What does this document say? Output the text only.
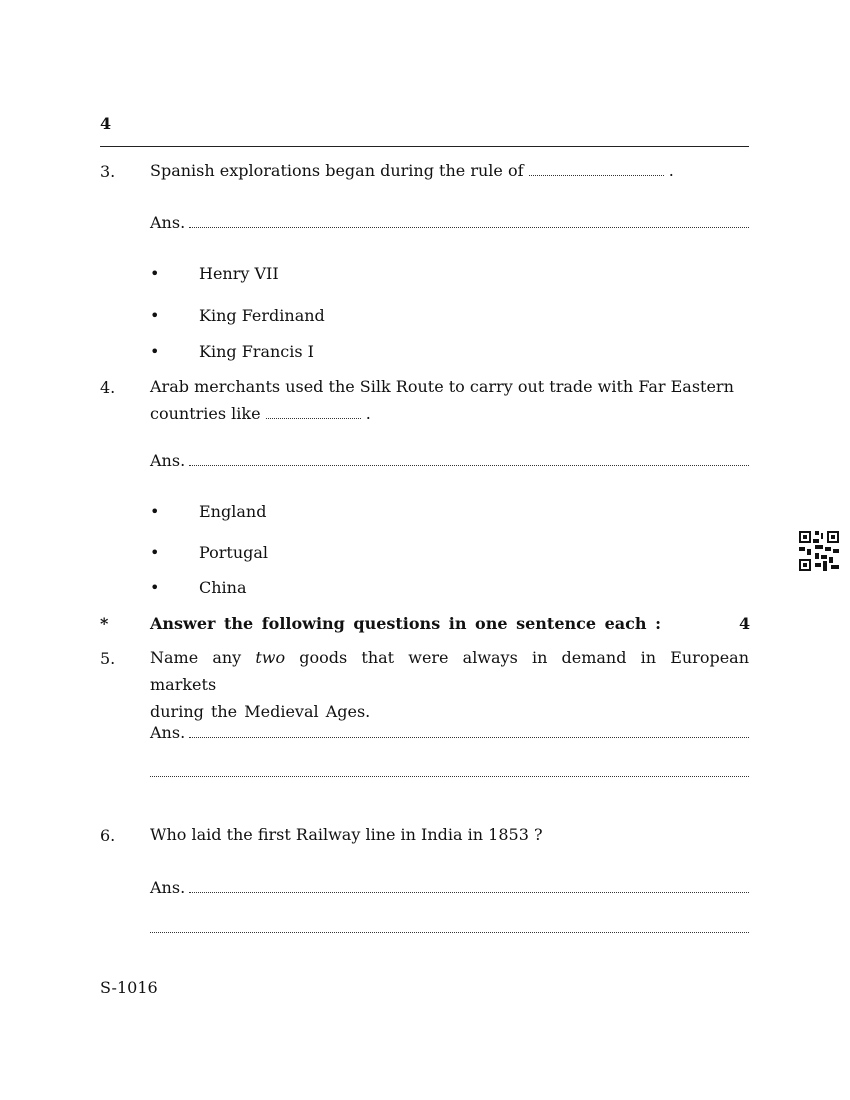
4
3. Spanish explorations began during the rule of	.
Ans.
• Henry VII
• King Ferdinand
• King Francis I
4. Arab merchants used the Silk Route to carry out trade with Far Eastern
countries like	.
Ans.
• England
• Portugal
• China
*	Answer the following questions in one sentence each :	4
5. Name any two goods that were always in demand in European markets
during the Medieval Ages.
Ans.
6. Who laid the first Railway line in India in 1853 ?
Ans.
S-1016
